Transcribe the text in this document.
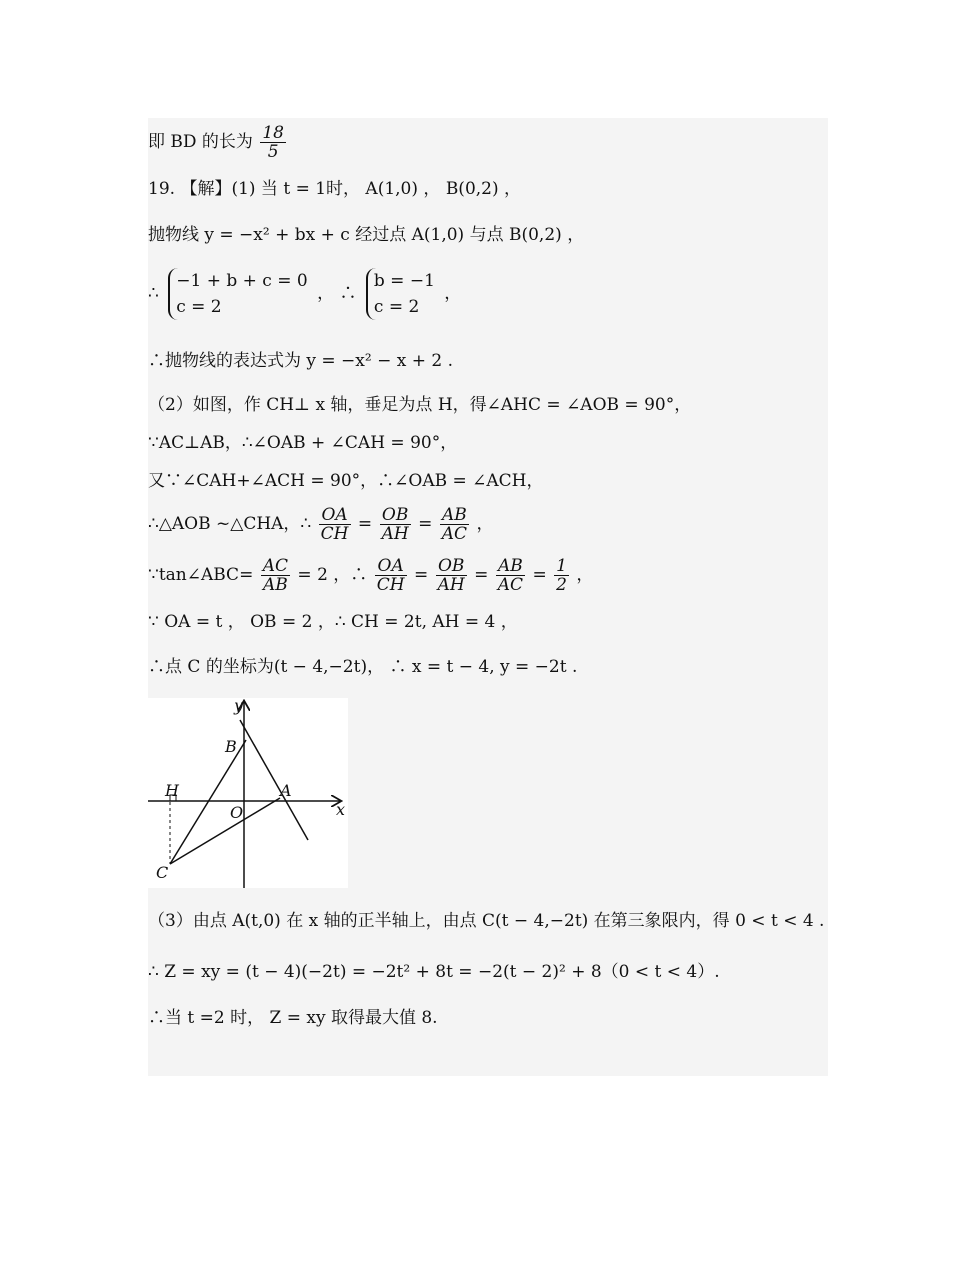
即 BD 的长为 $\frac{18}{5}$
19. 【解】(1) 当 t = 1时， A(1,0) ， B(0,2) ，
抛物线 y = −x² + bx + c 经过点 A(1,0) 与点 B(0,2) ，
∴
−1 + b + c = 0
c = 2
， ∴
b = −1
c = 2
，
∴抛物线的表达式为 y = −x² − x + 2 .
（2）如图，作 CH⊥ x 轴，垂足为点 H，得∠AHC = ∠AOB = 90°，
∵AC⊥AB，∴∠OAB + ∠CAH = 90°，
又∵∠CAH+∠ACH = 90°，∴∠OAB = ∠ACH，
∴△AOB ~△CHA，∴ $\frac{OA}{CH} = \frac{OB}{AH} = \frac{AB}{AC}$ ，
∵tan∠ABC= $\frac{AC}{AB} = 2$ ，∴ $\frac{OA}{CH} = \frac{OB}{AH} = \frac{AB}{AC} = \frac{1}{2}$ ，
∵ OA = t ， OB = 2 ，∴ CH = 2t, AH = 4 ，
∴点 C 的坐标为(t − 4,−2t)， ∴ x = t − 4, y = −2t .
y
x
B
H	A
O
C
（3）由点 A(t,0) 在 x 轴的正半轴上，由点 C(t − 4,−2t) 在第三象限内，得 0 < t < 4 .
∴ Z = xy = (t − 4)(−2t) = −2t² + 8t = −2(t − 2)² + 8（0 < t < 4）.
∴当 t =2 时， Z = xy 取得最大值 8.
